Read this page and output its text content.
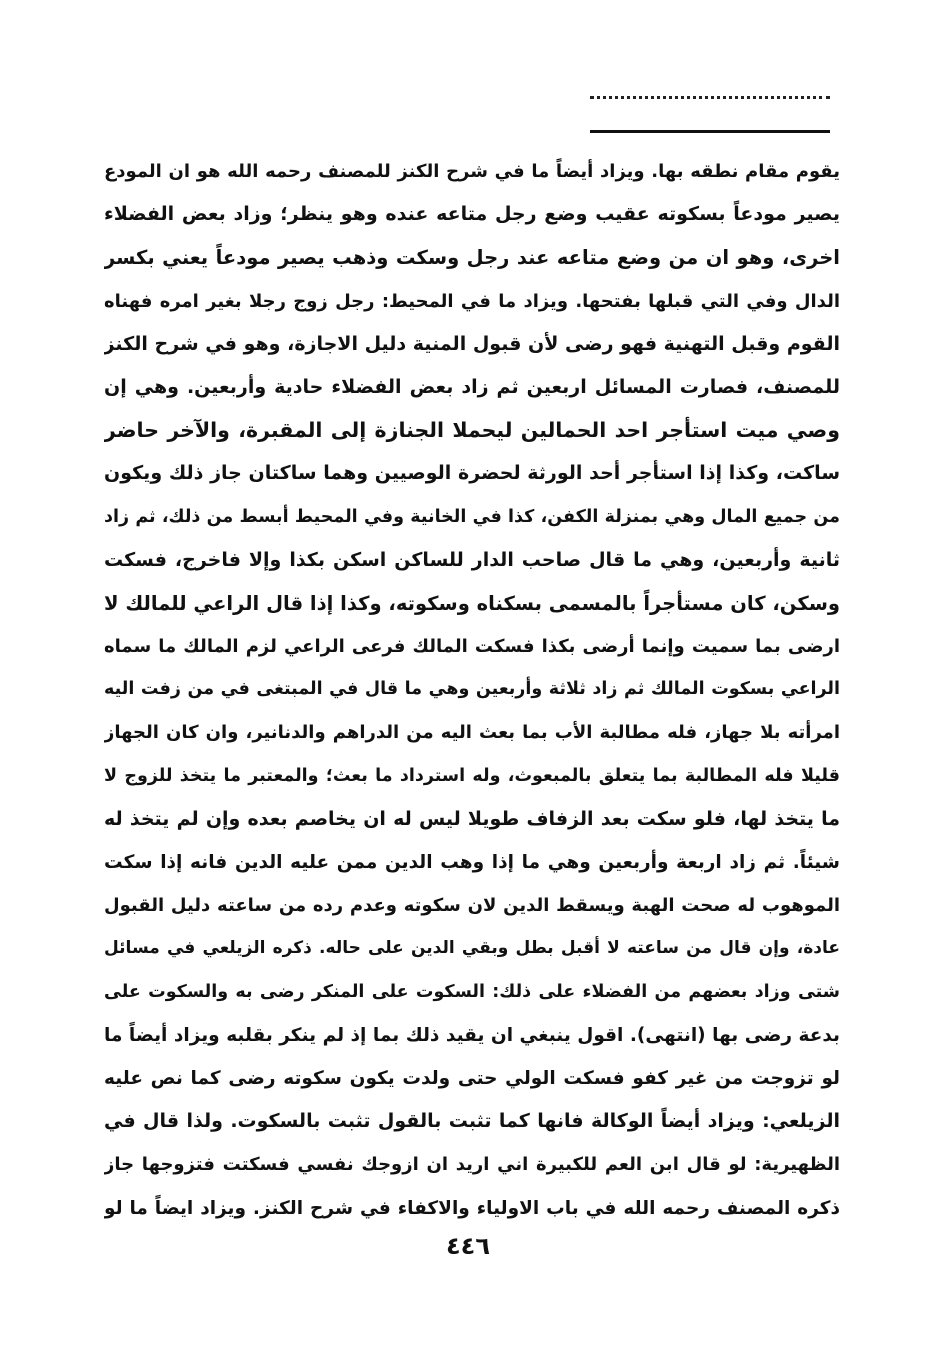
يقوم مقام نطقه بها. ويزاد أيضاً ما في شرح الكنز للمصنف رحمه الله هو ان المودع
يصير مودعاً بسكوته عقيب وضع رجل متاعه عنده وهو ينظر؛ وزاد بعض الفضلاء
اخرى، وهو ان من وضع متاعه عند رجل وسكت وذهب يصير مودعاً يعني بكسر
الدال وفي التي قبلها بفتحها. ويزاد ما في المحيط: رجل زوج رجلا بغير امره فهناه
القوم وقبل التهنية فهو رضى لأن قبول المنية دليل الاجازة، وهو في شرح الكنز
للمصنف، فصارت المسائل اربعين ثم زاد بعض الفضلاء حادية وأربعين. وهي إن
وصي ميت استأجر احد الحمالين ليحملا الجنازة إلى المقبرة، والآخر حاضر
ساكت، وكذا إذا استأجر أحد الورثة لحضرة الوصيين وهما ساكتان جاز ذلك ويكون
من جميع المال وهي بمنزلة الكفن، كذا في الخانية وفي المحيط أبسط من ذلك، ثم زاد
ثانية وأربعين، وهي ما قال صاحب الدار للساكن اسكن بكذا وإلا فاخرج، فسكت
وسكن، كان مستأجراً بالمسمى بسكناه وسكوته، وكذا إذا قال الراعي للمالك لا
ارضى بما سميت وإنما أرضى بكذا فسكت المالك فرعى الراعي لزم المالك ما سماه
الراعي بسكوت المالك ثم زاد ثلاثة وأربعين وهي ما قال في المبتغى في من زفت اليه
امرأته بلا جهاز، فله مطالبة الأب بما بعث اليه من الدراهم والدنانير، وان كان الجهاز
قليلا فله المطالبة بما يتعلق بالمبعوث، وله استرداد ما بعث؛ والمعتبر ما يتخذ للزوج لا
ما يتخذ لها، فلو سكت بعد الزفاف طويلا ليس له ان يخاصم بعده وإن لم يتخذ له
شيئاً. ثم زاد اربعة وأربعين وهي ما إذا وهب الدين ممن عليه الدين فانه إذا سكت
الموهوب له صحت الهبة ويسقط الدين لان سكوته وعدم رده من ساعته دليل القبول
عادة، وإن قال من ساعته لا أقبل بطل وبقي الدين على حاله. ذكره الزيلعي في مسائل
شتى وزاد بعضهم من الفضلاء على ذلك: السكوت على المنكر رضى به والسكوت على
بدعة رضى بها (انتهى). اقول ينبغي ان يقيد ذلك بما إذ لم ينكر بقلبه ويزاد أيضاً ما
لو تزوجت من غير كفو فسكت الولي حتى ولدت يكون سكوته رضى كما نص عليه
الزيلعي: ويزاد أيضاً الوكالة فانها كما تثبت بالقول تثبت بالسكوت. ولذا قال في
الظهيرية: لو قال ابن العم للكبيرة اني اريد ان ازوجك نفسي فسكتت فتزوجها جاز
ذكره المصنف رحمه الله في باب الاولياء والاكفاء في شرح الكنز. ويزاد ايضاً ما لو
٤٤٦
